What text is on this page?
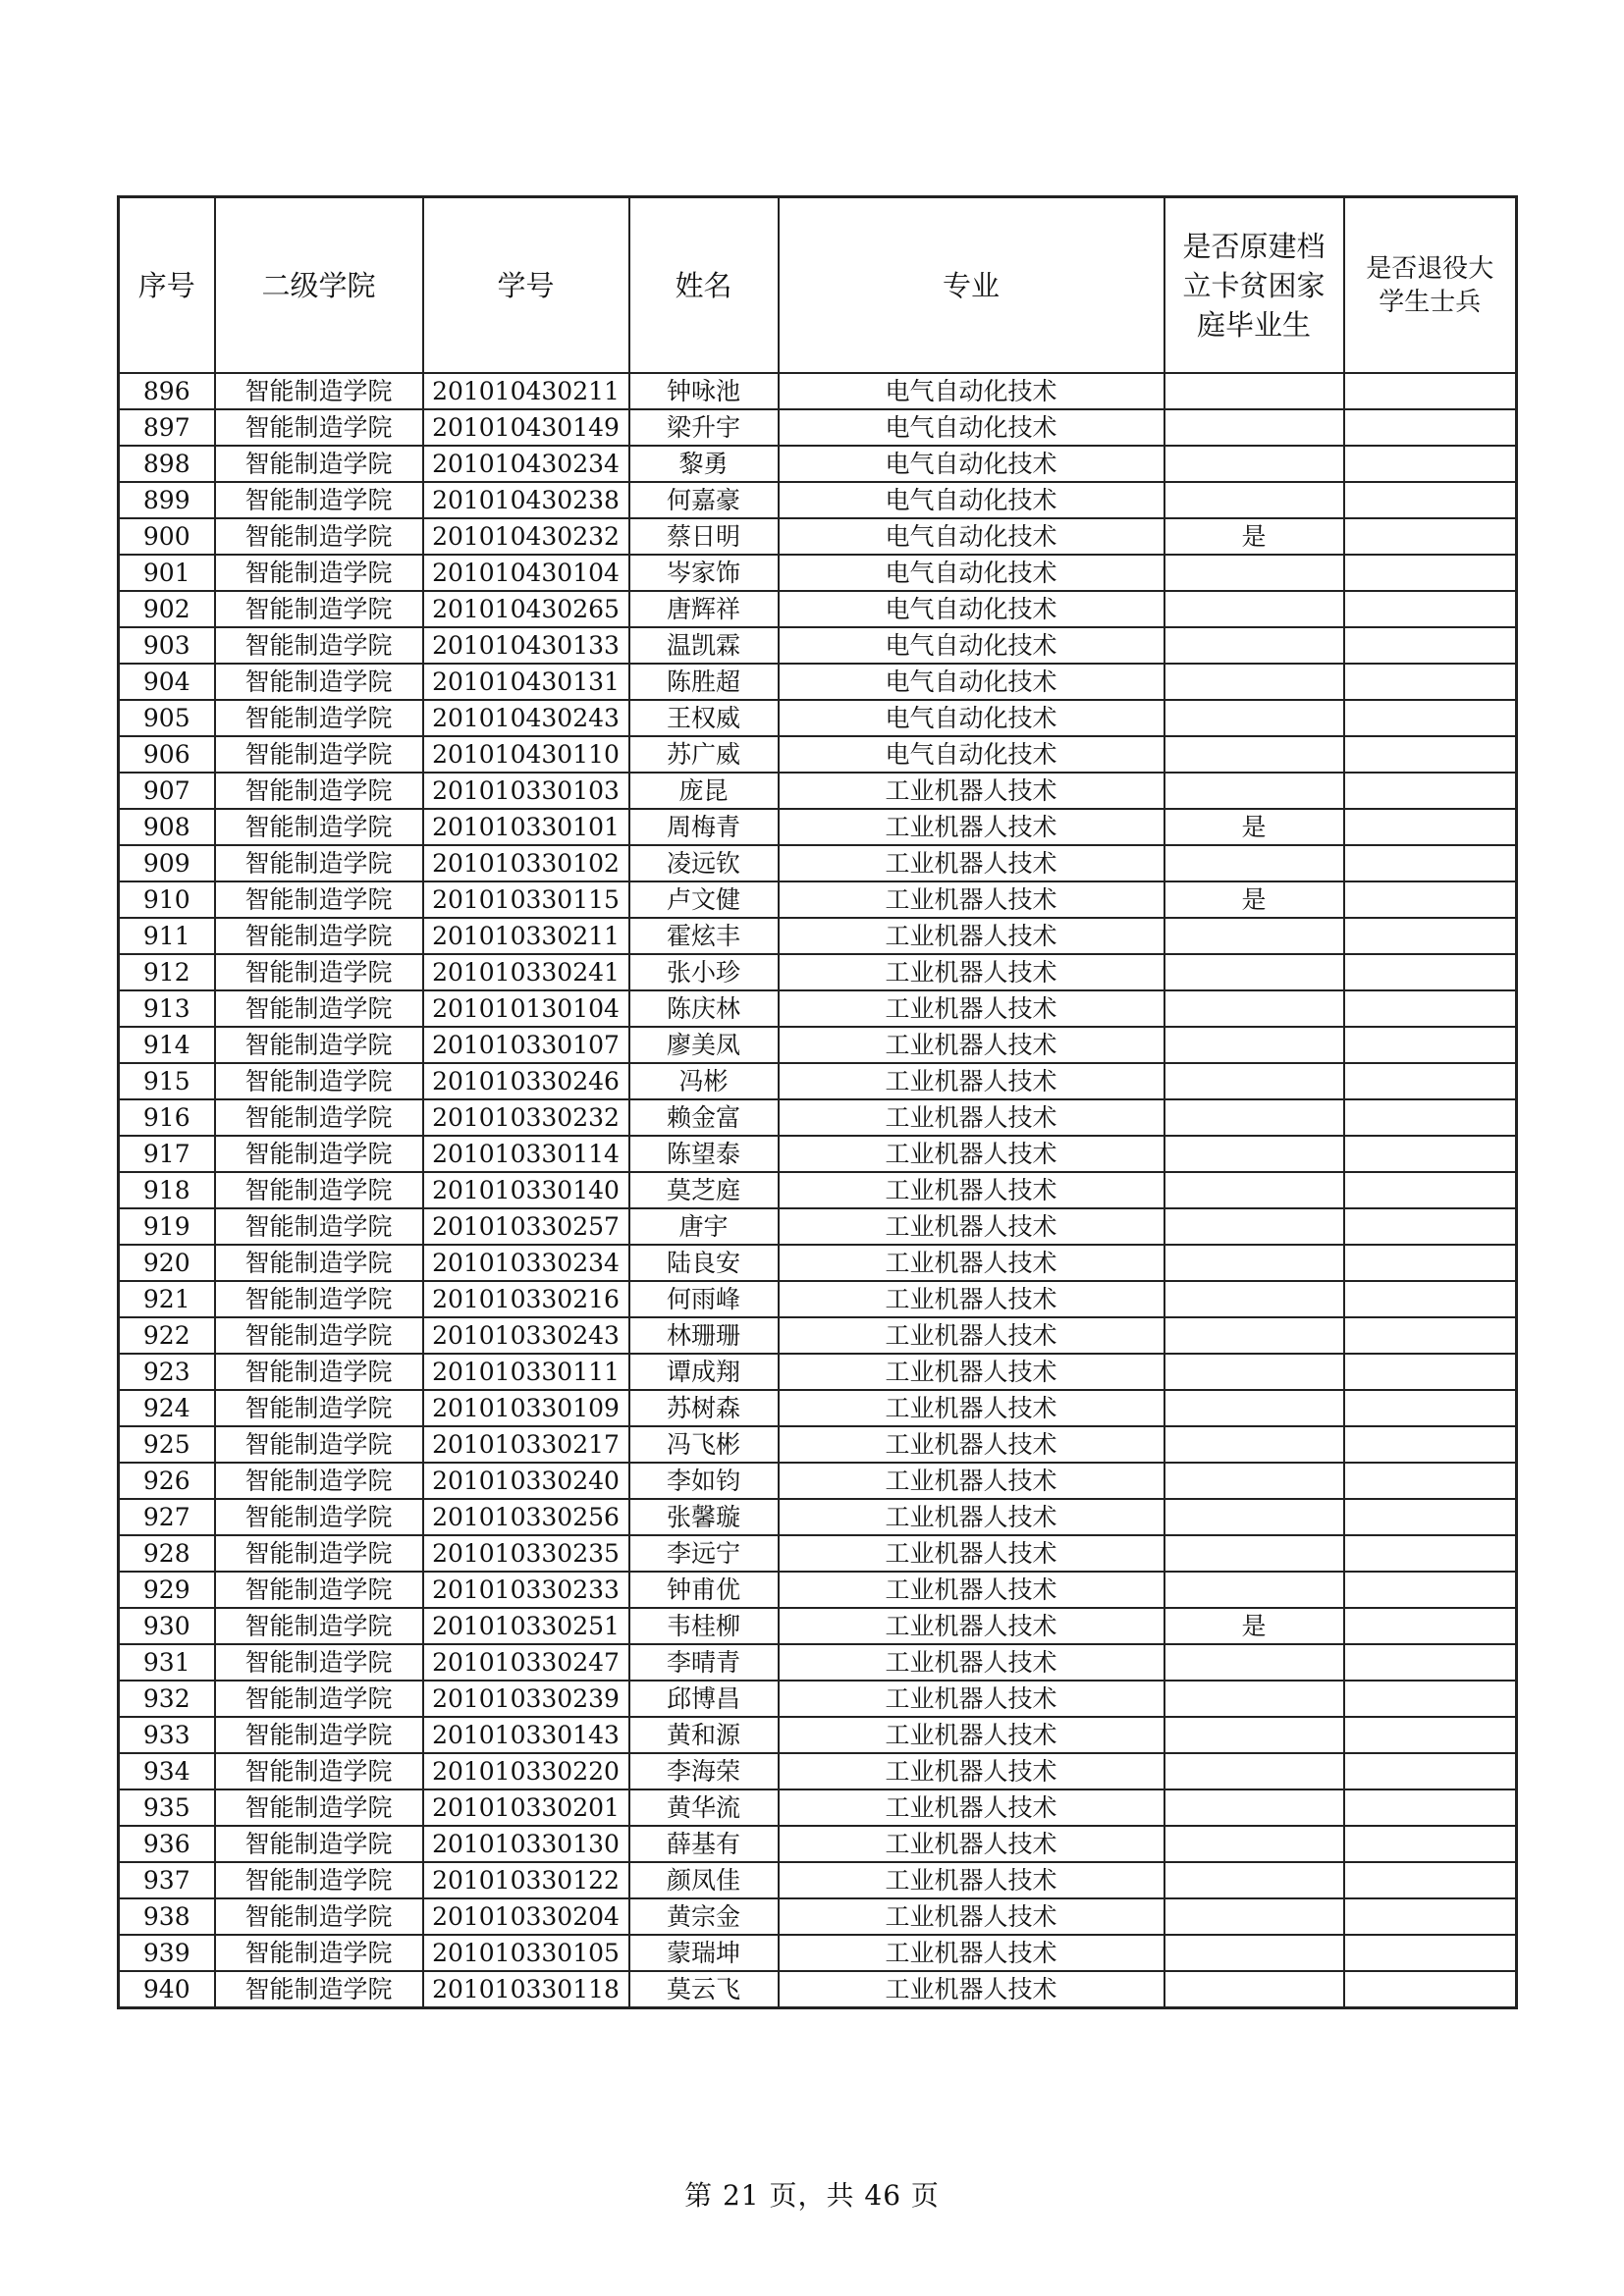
序号	二级学院	学号	姓名	专业	是否原建档立卡贫困家庭毕业生	是否退役大学生士兵
896	智能制造学院	201010430211	钟咏池	电气自动化技术		
897	智能制造学院	201010430149	梁升宇	电气自动化技术		
898	智能制造学院	201010430234	黎勇	电气自动化技术		
899	智能制造学院	201010430238	何嘉豪	电气自动化技术		
900	智能制造学院	201010430232	蔡日明	电气自动化技术	是	
901	智能制造学院	201010430104	岑家饰	电气自动化技术		
902	智能制造学院	201010430265	唐辉祥	电气自动化技术		
903	智能制造学院	201010430133	温凯霖	电气自动化技术		
904	智能制造学院	201010430131	陈胜超	电气自动化技术		
905	智能制造学院	201010430243	王权威	电气自动化技术		
906	智能制造学院	201010430110	苏广威	电气自动化技术		
907	智能制造学院	201010330103	庞昆	工业机器人技术		
908	智能制造学院	201010330101	周梅青	工业机器人技术	是	
909	智能制造学院	201010330102	凌远钦	工业机器人技术		
910	智能制造学院	201010330115	卢文健	工业机器人技术	是	
911	智能制造学院	201010330211	霍炫丰	工业机器人技术		
912	智能制造学院	201010330241	张小珍	工业机器人技术		
913	智能制造学院	201010130104	陈庆林	工业机器人技术		
914	智能制造学院	201010330107	廖美凤	工业机器人技术		
915	智能制造学院	201010330246	冯彬	工业机器人技术		
916	智能制造学院	201010330232	赖金富	工业机器人技术		
917	智能制造学院	201010330114	陈望泰	工业机器人技术		
918	智能制造学院	201010330140	莫芝庭	工业机器人技术		
919	智能制造学院	201010330257	唐宇	工业机器人技术		
920	智能制造学院	201010330234	陆良安	工业机器人技术		
921	智能制造学院	201010330216	何雨峰	工业机器人技术		
922	智能制造学院	201010330243	林珊珊	工业机器人技术		
923	智能制造学院	201010330111	谭成翔	工业机器人技术		
924	智能制造学院	201010330109	苏树森	工业机器人技术		
925	智能制造学院	201010330217	冯飞彬	工业机器人技术		
926	智能制造学院	201010330240	李如钧	工业机器人技术		
927	智能制造学院	201010330256	张馨璇	工业机器人技术		
928	智能制造学院	201010330235	李远宁	工业机器人技术		
929	智能制造学院	201010330233	钟甫优	工业机器人技术		
930	智能制造学院	201010330251	韦桂柳	工业机器人技术	是	
931	智能制造学院	201010330247	李晴青	工业机器人技术		
932	智能制造学院	201010330239	邱博昌	工业机器人技术		
933	智能制造学院	201010330143	黄和源	工业机器人技术		
934	智能制造学院	201010330220	李海荣	工业机器人技术		
935	智能制造学院	201010330201	黄华流	工业机器人技术		
936	智能制造学院	201010330130	薛基有	工业机器人技术		
937	智能制造学院	201010330122	颜凤佳	工业机器人技术		
938	智能制造学院	201010330204	黄宗金	工业机器人技术		
939	智能制造学院	201010330105	蒙瑞坤	工业机器人技术		
940	智能制造学院	201010330118	莫云飞	工业机器人技术		
第 21 页，共 46 页
